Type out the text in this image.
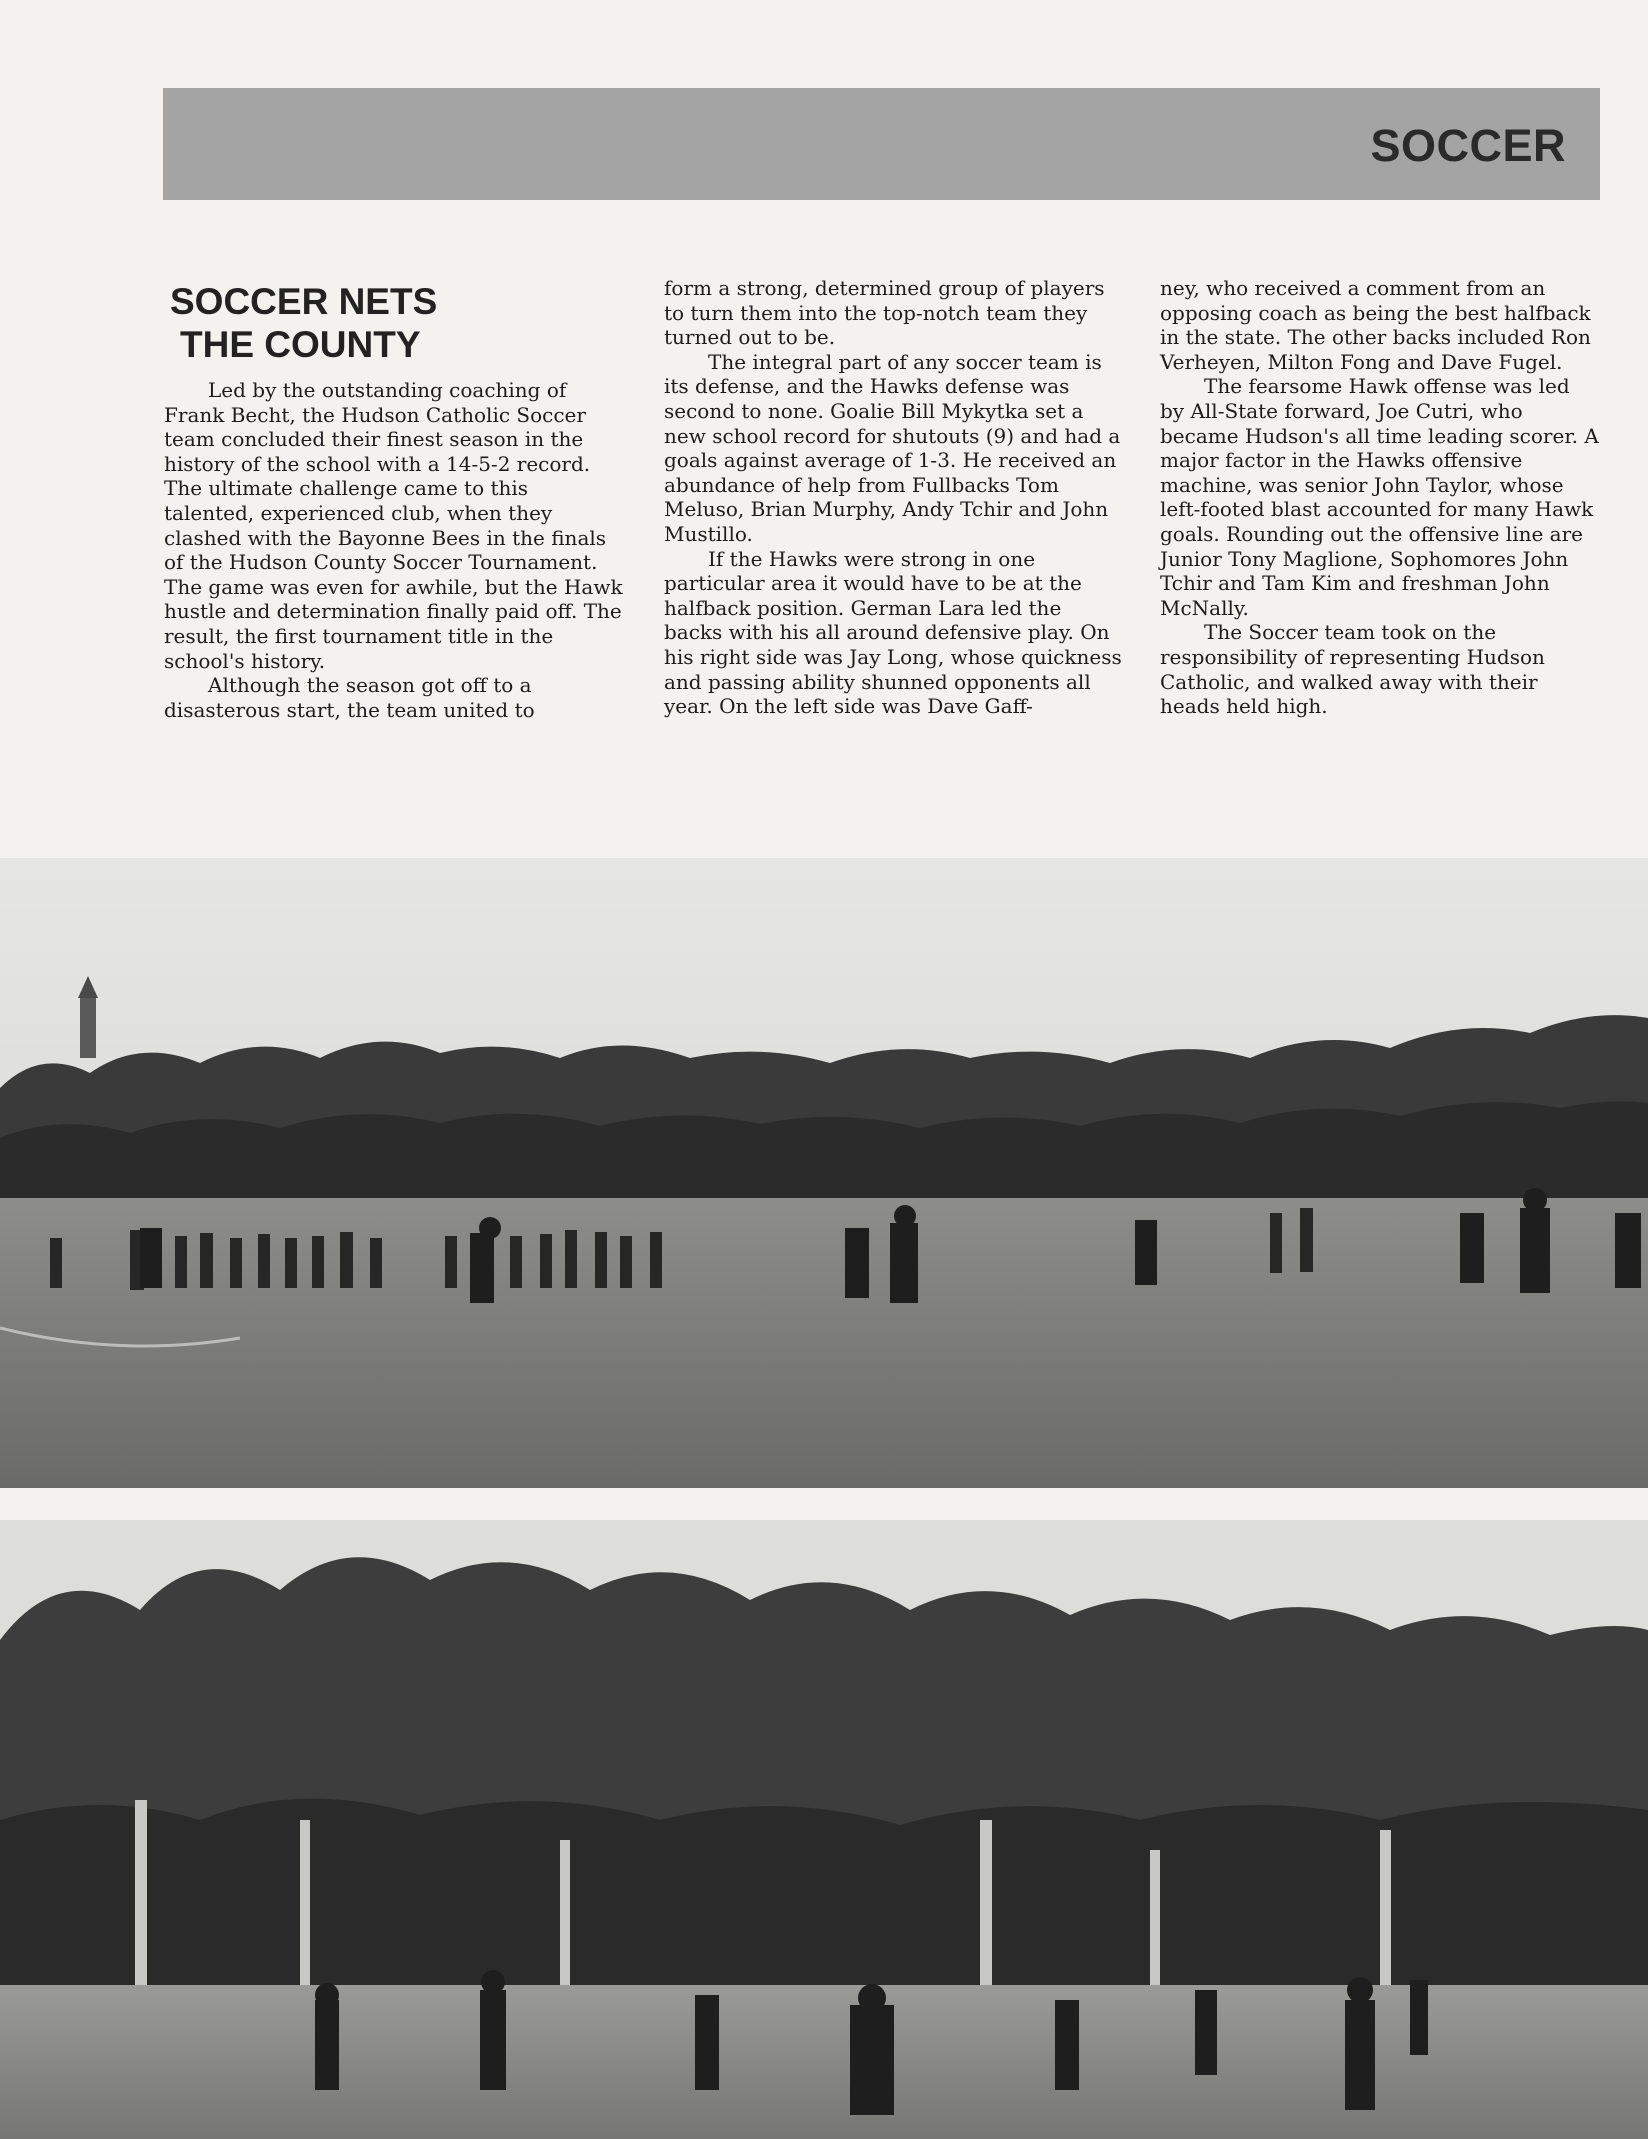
SOCCER
SOCCER NETS
THE COUNTY

Led by the outstanding coaching of Frank Becht, the Hudson Catholic Soccer team concluded their finest season in the history of the school with a 14-5-2 record. The ultimate challenge came to this talented, experienced club, when they clashed with the Bayonne Bees in the finals of the Hudson County Soccer Tournament. The game was even for awhile, but the Hawk hustle and determination finally paid off. The result, the first tournament title in the school's history.

Although the season got off to a disasterous start, the team united to

form a strong, determined group of players to turn them into the top-notch team they turned out to be.

The integral part of any soccer team is its defense, and the Hawks defense was second to none. Goalie Bill Mykytka set a new school record for shutouts (9) and had a goals against average of 1-3. He received an abundance of help from Fullbacks Tom Meluso, Brian Murphy, Andy Tchir and John Mustillo.

If the Hawks were strong in one particular area it would have to be at the halfback position. German Lara led the backs with his all around defensive play. On his right side was Jay Long, whose quickness and passing ability shunned opponents all year. On the left side was Dave Gaff-

ney, who received a comment from an opposing coach as being the best halfback in the state. The other backs included Ron Verheyen, Milton Fong and Dave Fugel.

The fearsome Hawk offense was led by All-State forward, Joe Cutri, who became Hudson's all time leading scorer. A major factor in the Hawks offensive machine, was senior John Taylor, whose left-footed blast accounted for many Hawk goals. Rounding out the offensive line are Junior Tony Maglione, Sophomores John Tchir and Tam Kim and freshman John McNally.

The Soccer team took on the responsibility of representing Hudson Catholic, and walked away with their heads held high.
